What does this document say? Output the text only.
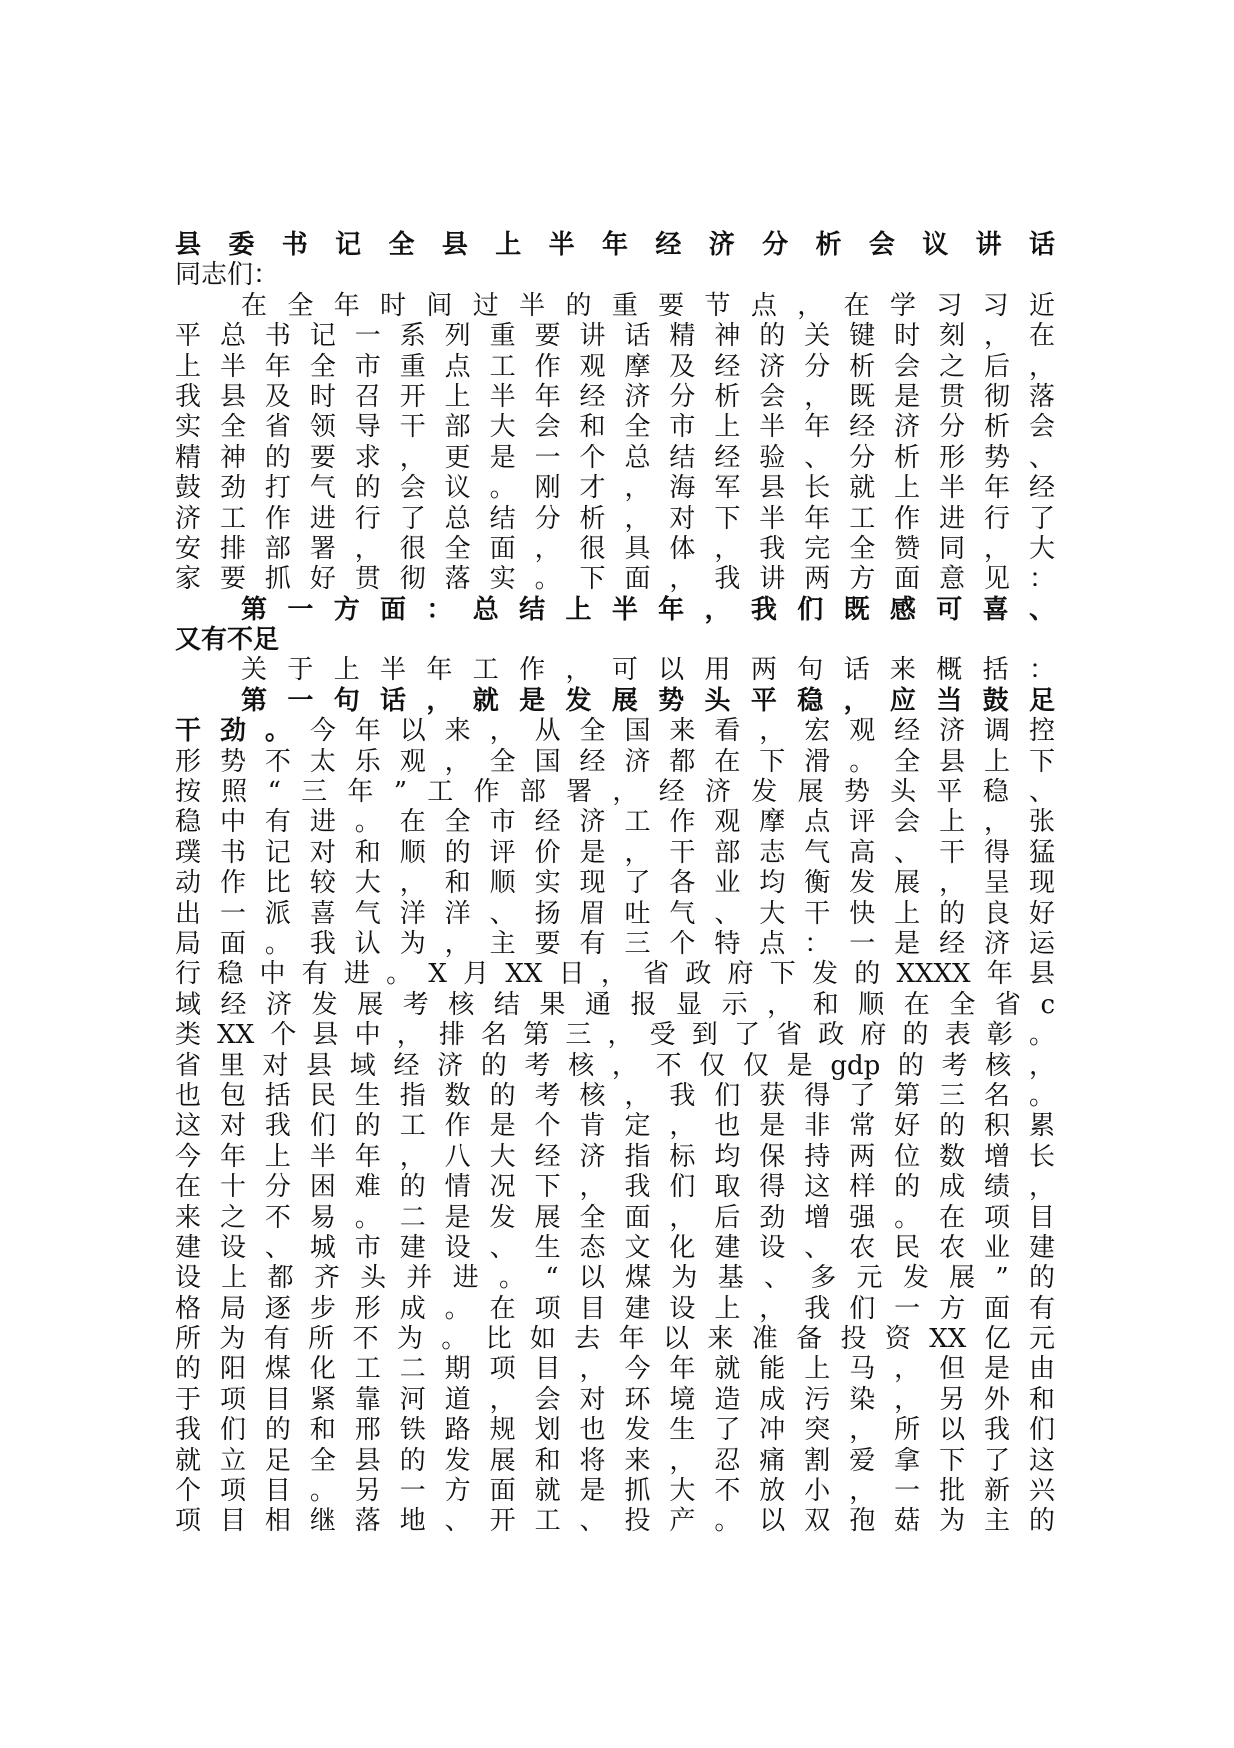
县委书记全县上半年经济分析会议讲话
同志们：
在全年时间过半的重要节点，在学习习近
平总书记一系列重要讲话精神的关键时刻，在
上半年全市重点工作观摩及经济分析会之后，
我县及时召开上半年经济分析会，既是贯彻落
实全省领导干部大会和全市上半年经济分析会
精神的要求，更是一个总结经验、分析形势、
鼓劲打气的会议。刚才，海军县长就上半年经
济工作进行了总结分析，对下半年工作进行了
安排部署，很全面，很具体，我完全赞同，大
家要抓好贯彻落实。下面，我讲两方面意见：
第一方面：总结上半年，我们既感可喜、
又有不足
关于上半年工作，可以用两句话来概括：
第一句话，就是发展势头平稳，应当鼓足
干劲。今年以来，从全国来看，宏观经济调控
形势不太乐观，全国经济都在下滑。全县上下
按照“三年”工作部署，经济发展势头平稳、
稳中有进。在全市经济工作观摩点评会上，张
璞书记对和顺的评价是，干部志气高、干得猛
动作比较大，和顺实现了各业均衡发展，呈现
出一派喜气洋洋、扬眉吐气、大干快上的良好
局面。我认为，主要有三个特点：一是经济运
行稳中有进。X月XX日，省政府下发的XXXX年县
域经济发展考核结果通报显示，和顺在全省c
类XX个县中，排名第三，受到了省政府的表彰。
省里对县域经济的考核，不仅仅是gdp的考核，
也包括民生指数的考核，我们获得了第三名。
这对我们的工作是个肯定，也是非常好的积累
今年上半年，八大经济指标均保持两位数增长
在十分困难的情况下，我们取得这样的成绩，
来之不易。二是发展全面，后劲增强。在项目
建设、城市建设、生态文化建设、农民农业建
设上都齐头并进。“以煤为基、多元发展”的
格局逐步形成。在项目建设上，我们一方面有
所为有所不为。比如去年以来准备投资XX亿元
的阳煤化工二期项目，今年就能上马，但是由
于项目紧靠河道，会对环境造成污染，另外和
我们的和邢铁路规划也发生了冲突，所以我们
就立足全县的发展和将来，忍痛割爱拿下了这
个项目。另一方面就是抓大不放小，一批新兴
项目相继落地、开工、投产。以双孢菇为主的
